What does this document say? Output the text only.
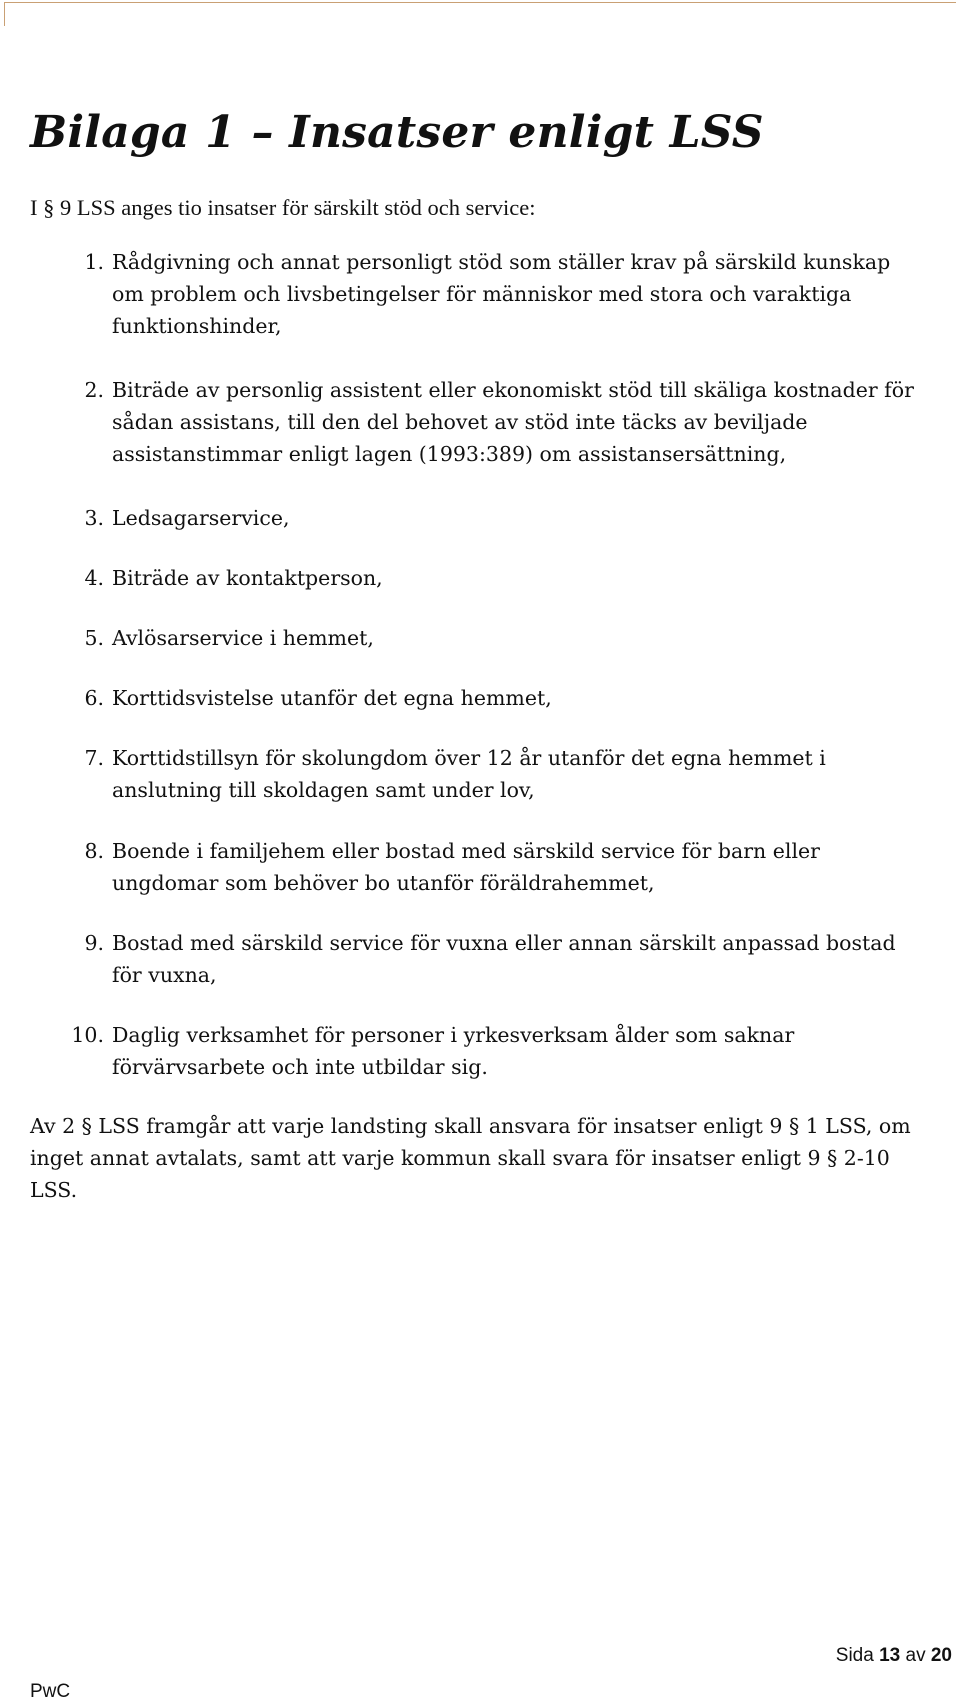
Bilaga 1 – Insatser enligt LSS

I § 9 LSS anges tio insatser för särskilt stöd och service:

1. Rådgivning och annat personligt stöd som ställer krav på särskild kunskap
om problem och livsbetingelser för människor med stora och varaktiga
funktionshinder,
2. Biträde av personlig assistent eller ekonomiskt stöd till skäliga kostnader för
sådan assistans, till den del behovet av stöd inte täcks av beviljade
assistanstimmar enligt lagen (1993:389) om assistansersättning,
3. Ledsagarservice,
4. Biträde av kontaktperson,
5. Avlösarservice i hemmet,
6. Korttidsvistelse utanför det egna hemmet,
7. Korttidstillsyn för skolungdom över 12 år utanför det egna hemmet i
anslutning till skoldagen samt under lov,
8. Boende i familjehem eller bostad med särskild service för barn eller
ungdomar som behöver bo utanför föräldrahemmet,
9. Bostad med särskild service för vuxna eller annan särskilt anpassad bostad
för vuxna,
10. Daglig verksamhet för personer i yrkesverksam ålder som saknar
förvärvsarbete och inte utbildar sig.
Av 2 § LSS framgår att varje landsting skall ansvara för insatser enligt 9 § 1 LSS, om
inget annat avtalats, samt att varje kommun skall svara för insatser enligt 9 § 2-10
LSS.
Sida 13 av 20
PwC
